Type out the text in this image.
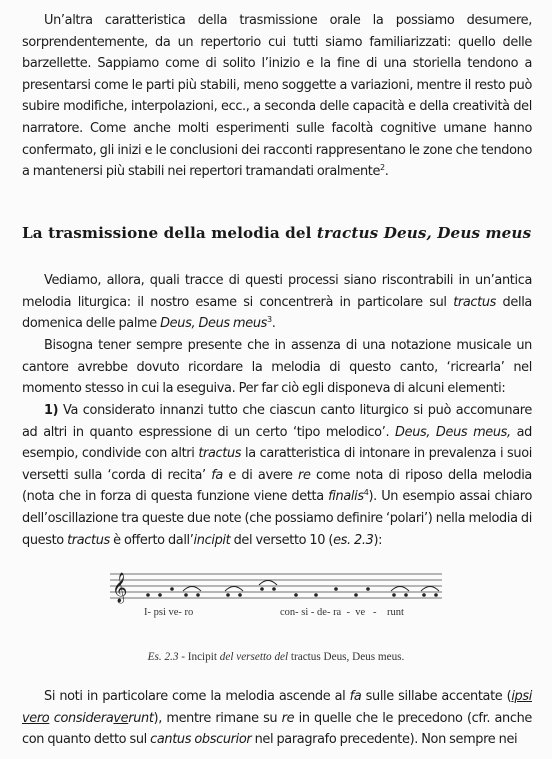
Un’altra caratteristica della trasmissione orale la possiamo desumere, sorprendentemente, da un repertorio cui tutti siamo familiarizzati: quello delle barzellette. Sappiamo come di solito l’inizio e la fine di una storiella tendono a presentarsi come le parti più stabili, meno soggette a variazioni, mentre il resto può subire modifiche, interpolazioni, ecc., a seconda delle capacità e della creatività del narratore. Come anche molti esperimenti sulle facoltà cognitive umane hanno confermato, gli inizi e le conclusioni dei racconti rappresentano le zone che tendono a mantenersi più stabili nei repertori tramandati oralmente$^2$.

La trasmissione della melodia del tractus Deus, Deus meus

Vediamo, allora, quali tracce di questi processi siano riscontrabili in un’antica melodia liturgica: il nostro esame si concentrerà in particolare sul tractus della domenica delle palme Deus, Deus meus$^3$.

Bisogna tener sempre presente che in assenza di una notazione musicale un cantore avrebbe dovuto ricordare la melodia di questo canto, ‘ricrearla’ nel momento stesso in cui la eseguiva. Per far ciò egli disponeva di alcuni elementi:

1) Va considerato innanzi tutto che ciascun canto liturgico si può accomunare ad altri in quanto espressione di un certo ‘tipo melodico’. Deus, Deus meus, ad esempio, condivide con altri tractus la caratteristica di intonare in prevalenza i suoi versetti sulla ‘corda di recita’ fa e di avere re come nota di riposo della melodia (nota che in forza di questa funzione viene detta finalis$^4$). Un esempio assai chiaro dell’oscillazione tra queste due note (che possiamo definire ‘polari’) nella melodia di questo tractus è offerto dall’incipit del versetto 10 (es. 2.3):

𝄞
I- psi ve- ro	con- si - de- ra  -  ve   -    runt
Es. 2.3 - Incipit del versetto del tractus Deus, Deus meus.

Si noti in particolare come la melodia ascende al fa sulle sillabe accentate (ipsi vero consideraverunt), mentre rimane su re in quelle che le precedono (cfr. anche con quanto detto sul cantus obscurior nel paragrafo precedente). Non sempre nei
